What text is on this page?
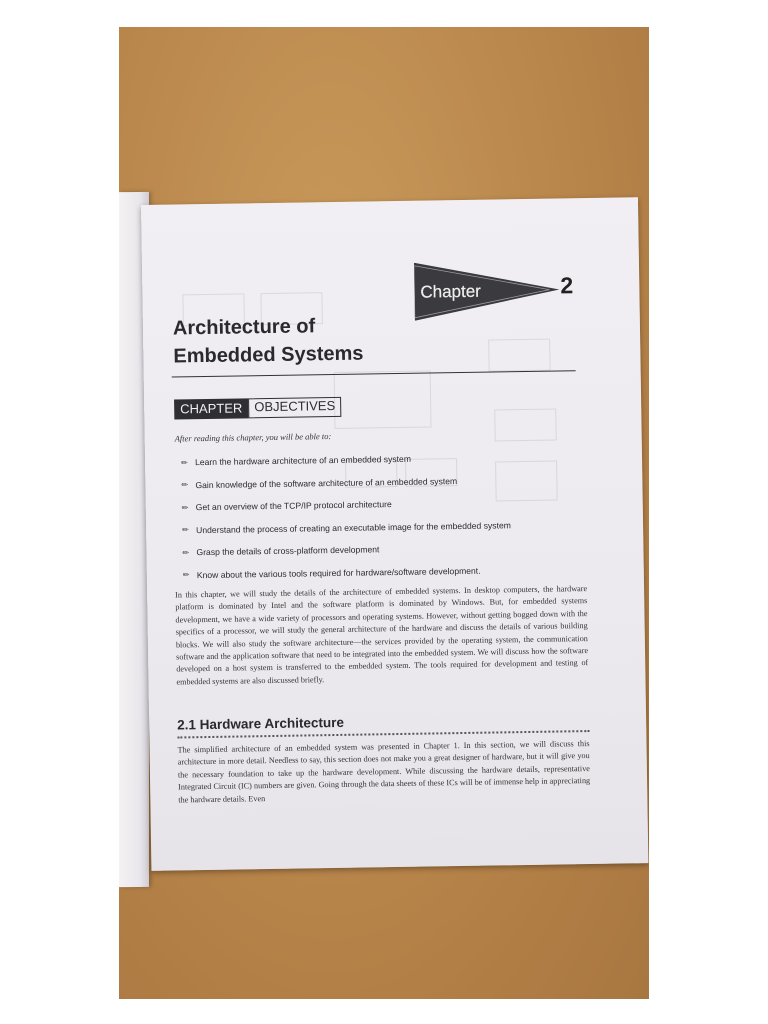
Chapter	2
Architecture of
Embedded Systems
CHAPTER OBJECTIVES
After reading this chapter, you will be able to:
✏ Learn the hardware architecture of an embedded system
✏ Gain knowledge of the software architecture of an embedded system
✏ Get an overview of the TCP/IP protocol architecture
✏ Understand the process of creating an executable image for the embedded system
✏ Grasp the details of cross-platform development
✏ Know about the various tools required for hardware/software development.

In this chapter, we will study the details of the architecture of embedded systems. In desktop computers, the hardware platform is dominated by Intel and the software platform is dominated by Windows. But, for embedded systems development, we have a wide variety of processors and operating systems. However, without getting bogged down with the specifics of a processor, we will study the general architecture of the hardware and discuss the details of various building blocks. We will also study the software architecture—the services provided by the operating system, the communication software and the application software that need to be integrated into the embedded system. We will discuss how the software developed on a host system is transferred to the embedded system. The tools required for development and testing of embedded systems are also discussed briefly.

2.1 Hardware Architecture

The simplified architecture of an embedded system was presented in Chapter 1. In this section, we will discuss this architecture in more detail. Needless to say, this section does not make you a great designer of hardware, but it will give you the necessary foundation to take up the hardware development. While discussing the hardware details, representative Integrated Circuit (IC) numbers are given. Going through the data sheets of these ICs will be of immense help in appreciating the hardware details. Even
